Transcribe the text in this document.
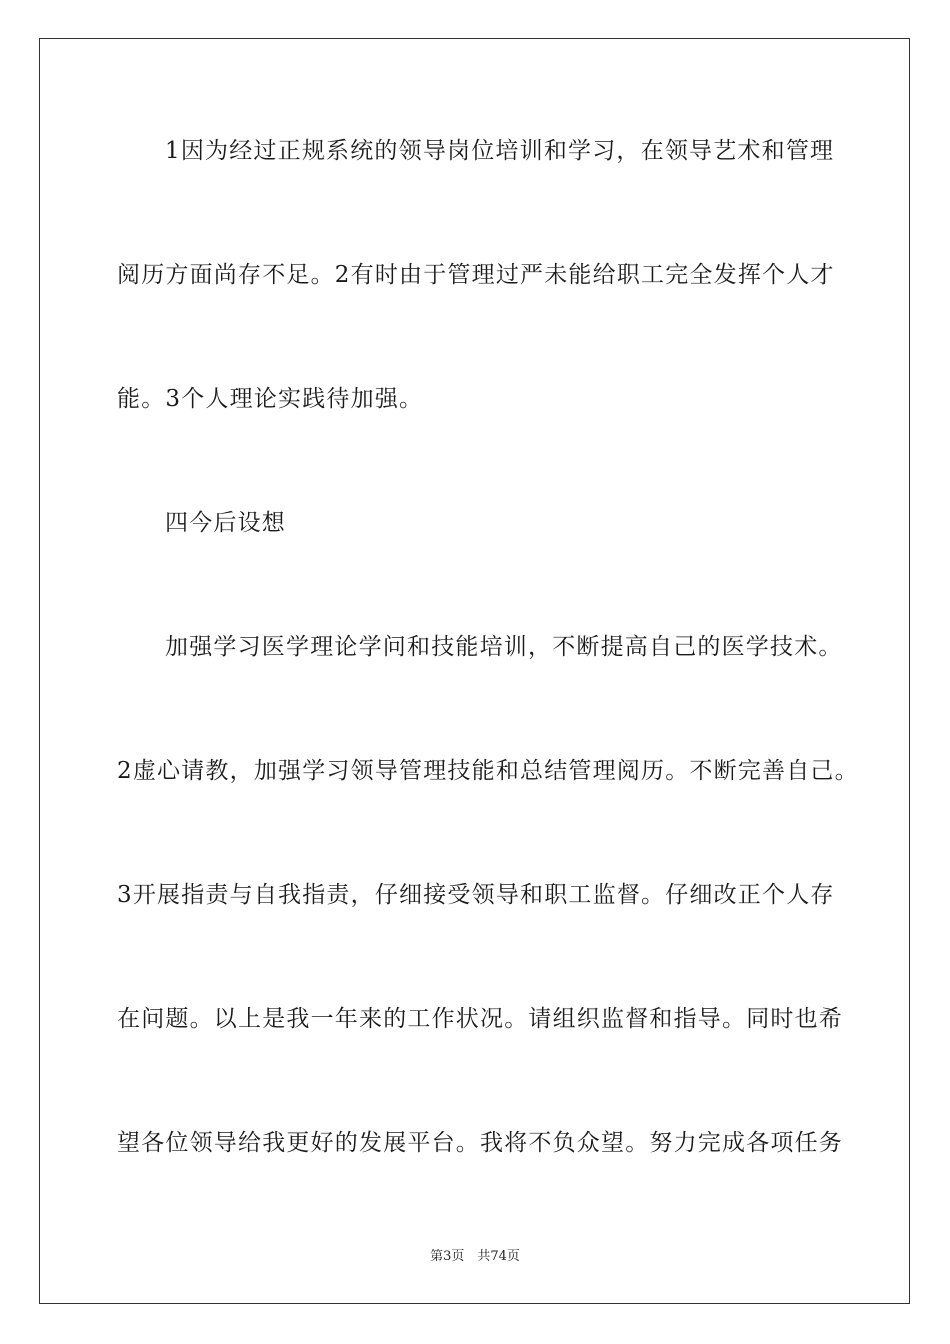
1因为经过正规系统的领导岗位培训和学习，在领导艺术和管理
阅历方面尚存不足。2有时由于管理过严未能给职工完全发挥个人才
能。3个人理论实践待加强。
四今后设想
加强学习医学理论学问和技能培训，不断提高自己的医学技术。
2虚心请教，加强学习领导管理技能和总结管理阅历。不断完善自己。
3开展指责与自我指责，仔细接受领导和职工监督。仔细改正个人存
在问题。以上是我一年来的工作状况。请组织监督和指导。同时也希
望各位领导给我更好的发展平台。我将不负众望。努力完成各项任务
第3页　共74页
